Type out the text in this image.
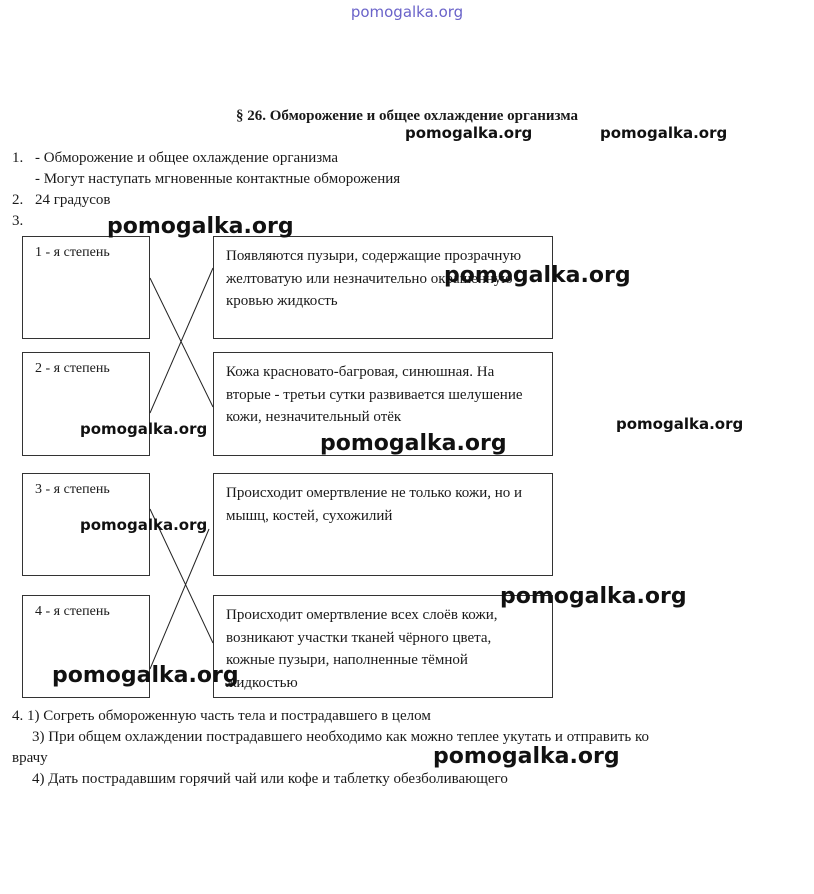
pomogalka.org
§ 26. Обморожение и общее охлаждение организма
1. - Обморожение и общее охлаждение организма
- Могут наступать мгновенные контактные обморожения
2. 24 градусов
3.
1 - я степень
2 - я степень
3 - я степень
4 - я степень
Появляются пузыри, содержащие прозрачную желтоватую или незначительно окрашенную кровью жидкость
Кожа красновато-багровая, синюшная. На вторые - третьи сутки развивается шелушение кожи, незначительный отёк
Происходит омертвление не только кожи, но и мышц, костей, сухожилий
Происходит омертвление всех слоёв кожи, возникают участки тканей чёрного цвета, кожные пузыри, наполненные тёмной жидкостью
4. 1) Согреть обмороженную часть тела и пострадавшего в целом
3) При общем охлаждении пострадавшего необходимо как можно теплее укутать и отправить ко
врачу
4) Дать пострадавшим горячий чай или кофе и таблетку обезболивающего
pomogalka.org	pomogalka.org
pomogalka.org
pomogalka.org
pomogalka.org
pomogalka.org
pomogalka.org
pomogalka.org
pomogalka.org
pomogalka.org
pomogalka.org
